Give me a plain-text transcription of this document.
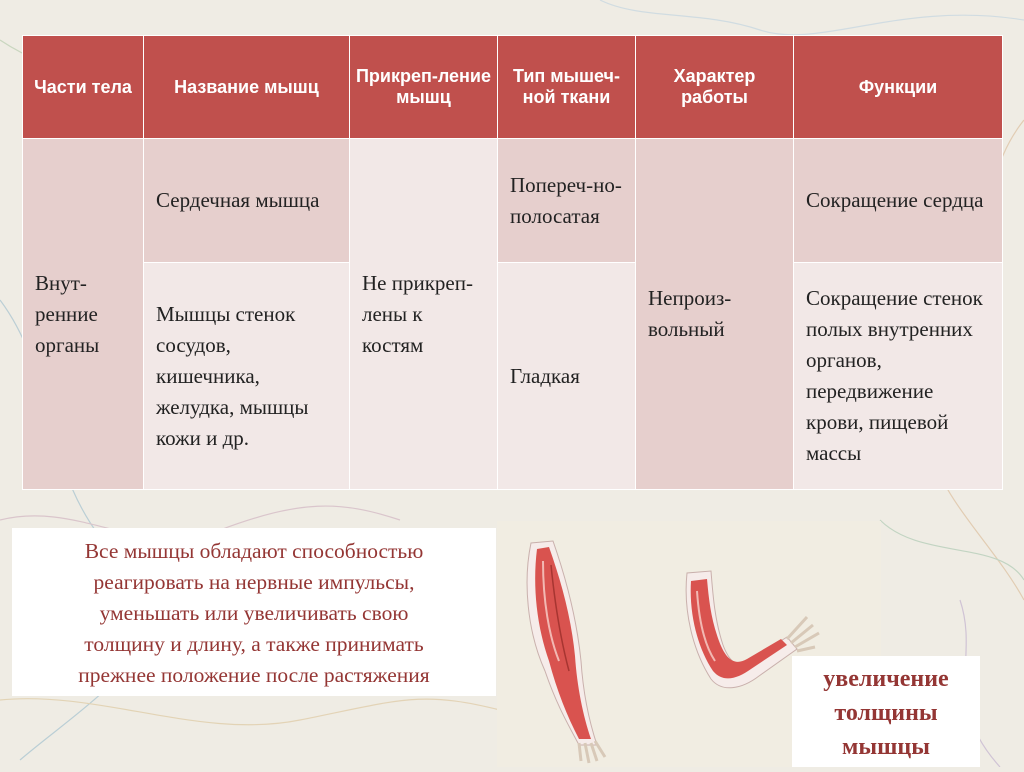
Части тела	Название мышц	Прикреп-ление мышц	Тип мышеч-ной ткани	Характер работы	Функции
Внут-ренние органы	Сердечная мышца	Не прикреп-лены к костям	Попереч-но-полосатая	Непроиз-вольный	Сокращение сердца
	Мышцы стенок сосудов, кишечника, желудка, мышцы кожи и др.		Гладкая		Сокращение стенок полых внутренних органов, передвижение крови, пищевой массы
Все мышцы обладают способностью
реагировать на нервные импульсы,
уменьшать или увеличивать свою
толщину и длину, а также принимать
прежнее положение после растяжения	увеличение
толщины
мышцы
